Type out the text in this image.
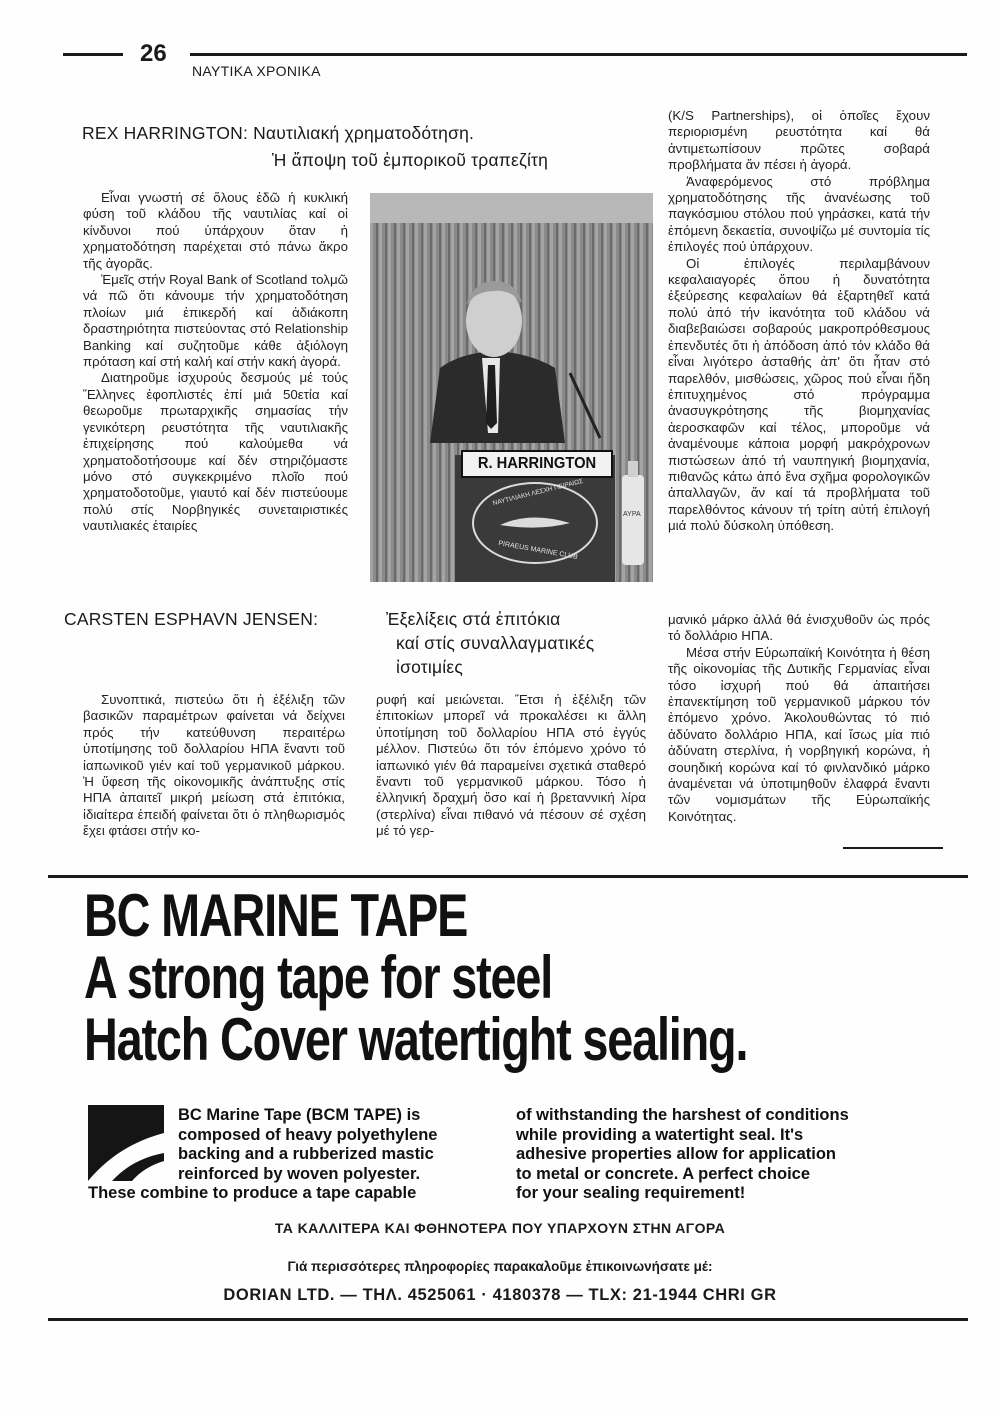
26
ΝΑΥΤΙΚΑ ΧΡΟΝΙΚΑ
REX HARRINGTON: Ναυτιλιακή χρηματοδότηση.
Ἡ ἄποψη τοῦ ἐμπορικοῦ τραπεζίτη

Εἶναι γνωστή σέ ὅλους ἐδῶ ἡ κυκλική φύση τοῦ κλάδου τῆς ναυτιλίας καί οἱ κίνδυνοι πού ὑπάρχουν ὅταν ἡ χρηματοδότηση παρέχεται στό πάνω ἄκρο τῆς ἀγορᾶς.

Ἐμεῖς στήν Royal Bank of Scotland τολμῶ νά πῶ ὅτι κάνουμε τήν χρηματοδότηση πλοίων μιά ἐπικερδή καί ἀδιάκοπη δραστηριότητα πιστεύοντας στό Relationship Banking καί συζητοῦμε κάθε ἀξιόλογη πρόταση καί στή καλή καί στήν κακή ἀγορά.

Διατηροῦμε ἰσχυρούς δεσμούς μέ τούς Ἕλληνες ἐφοπλιστές ἐπί μιά 50ετία καί θεωροῦμε πρωταρχικῆς σημασίας τήν γενικότερη ρευστότητα τῆς ναυτιλιακῆς ἐπιχείρησης πού καλούμεθα νά χρηματοδοτήσουμε καί δέν στηριζόμαστε μόνο στό συγκεκριμένο πλοῖο πού χρηματοδοτοῦμε, γιαυτό καί δέν πιστεύουμε πολύ στίς Νορβηγικές συνεταιριστικές ναυτιλιακές ἑταιρίες

R. HARRINGTON
ΝΑΥΤΙΛΙΑΚΗ ΛΕΣΧΗ ΠΕΙΡΑΙΩΣ
PIRAEUS MARINE CLUB
ΑΥΡΑ

(K/S Partnerships), οἱ ὁποῖες ἔχουν περιορισμένη ρευστότητα καί θά ἀντιμετωπίσουν πρῶτες σοβαρά προβλήματα ἄν πέσει ἡ ἀγορά.

Ἀναφερόμενος στό πρόβλημα χρηματοδότησης τῆς ἀνανέωσης τοῦ παγκόσμιου στόλου πού γηράσκει, κατά τήν ἑπόμενη δεκαετία, συνοψίζω μέ συντομία τίς ἐπιλογές πού ὑπάρχουν.

Οἱ ἐπιλογές περιλαμβάνουν κεφαλαιαγορές ὅπου ἡ δυνατότητα ἐξεύρεσης κεφαλαίων θά ἐξαρτηθεῖ κατά πολύ ἀπό τήν ἱκανότητα τοῦ κλάδου νά διαβεβαιώσει σοβαρούς μακροπρόθεσμους ἐπενδυτές ὅτι ἡ ἀπόδοση ἀπό τόν κλάδο θά εἶναι λιγότερο ἀσταθής ἀπ' ὅτι ἦταν στό παρελθόν, μισθώσεις, χῶρος πού εἶναι ἤδη ἐπιτυχημένος στό πρόγραμμα ἀνασυγκρότησης τῆς βιομηχανίας ἀεροσκαφῶν καί τέλος, μποροῦμε νά ἀναμένουμε κάποια μορφή μακρόχρονων πιστώσεων ἀπό τή ναυπηγική βιομηχανία, πιθανῶς κάτω ἀπό ἕνα σχῆμα φορολογικῶν ἀπαλλαγῶν, ἄν καί τά προβλήματα τοῦ παρελθόντος κάνουν τή τρίτη αὐτή ἐπιλογή μιά πολύ δύσκολη ὑπόθεση.

CARSTEN ESPHAVN JENSEN:	Ἐξελίξεις στά ἐπιτόκια
καί στίς συναλλαγματικές
ἰσοτιμίες

Συνοπτικά, πιστεύω ὅτι ἡ ἐξέλιξη τῶν βασικῶν παραμέτρων φαίνεται νά δείχνει πρός τήν κατεύθυνση περαιτέρω ὑποτίμησης τοῦ δολλαρίου ΗΠΑ ἔναντι τοῦ ἰαπωνικοῦ γιέν καί τοῦ γερμανικοῦ μάρκου. Ἡ ὕφεση τῆς οἰκονομικῆς ἀνάπτυξης στίς ΗΠΑ ἀπαιτεῖ μικρή μείωση στά ἐπιτόκια, ἰδιαίτερα ἐπειδή φαίνεται ὅτι ὁ πληθωρισμός ἔχει φτάσει στήν κο-

ρυφή καί μειώνεται. Ἔτσι ἡ ἐξέλιξη τῶν ἐπιτοκίων μπορεῖ νά προκαλέσει κι ἄλλη ὑποτίμηση τοῦ δολλαρίου ΗΠΑ στό ἐγγύς μέλλον. Πιστεύω ὅτι τόν ἑπόμενο χρόνο τό ἰαπωνικό γιέν θά παραμείνει σχετικά σταθερό ἔναντι τοῦ γερμανικοῦ μάρκου. Τόσο ἡ ἑλληνική δραχμή ὅσο καί ἡ βρεταννική λίρα (στερλίνα) εἶναι πιθανό νά πέσουν σέ σχέση μέ τό γερ-

μανικό μάρκο ἀλλά θά ἐνισχυθοῦν ὡς πρός τό δολλάριο ΗΠΑ.

Μέσα στήν Εὐρωπαϊκή Κοινότητα ἡ θέση τῆς οἰκονομίας τῆς Δυτικῆς Γερμανίας εἶναι τόσο ἰσχυρή πού θά ἀπαιτήσει ἐπανεκτίμηση τοῦ γερμανικοῦ μάρκου τόν ἑπόμενο χρόνο. Ἀκολουθώντας τό πιό ἀδύνατο δολλάριο ΗΠΑ, καί ἴσως μία πιό ἀδύνατη στερλίνα, ἡ νορβηγική κορώνα, ἡ σουηδική κορώνα καί τό φινλανδικό μάρκο ἀναμένεται νά ὑποτιμηθοῦν ἐλαφρά ἔναντι τῶν νομισμάτων τῆς Εὐρωπαϊκής Κοινότητας.

BC MARINE TAPE
A strong tape for steel
Hatch Cover watertight sealing.
BC Marine Tape (BCM TAPE) is
composed of heavy polyethylene
backing and a rubberized mastic
reinforced by woven polyester.
These combine to produce a tape capable
of withstanding the harshest of conditions
while providing a watertight seal. It's
adhesive properties allow for application
to metal or concrete. A perfect choice
for your sealing requirement!
ΤΑ ΚΑΛΛΙΤΕΡΑ ΚΑΙ ΦΘΗΝΟΤΕΡΑ ΠΟΥ ΥΠΑΡΧΟΥΝ ΣΤΗΝ ΑΓΟΡΑ
Γιά περισσότερες πληροφορίες παρακαλοῦμε ἐπικοινωνήσατε μέ:
DORIAN LTD. — ΤΗΛ. 4525061 · 4180378 — TLX: 21-1944 CHRI GR
